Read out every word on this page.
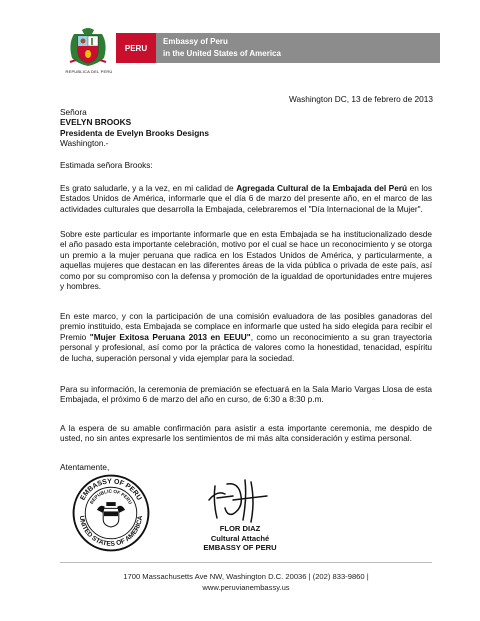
REPUBLICA DEL PERÚ
PERU
Embassy of Peru
in the United States of America
Washington DC, 13 de febrero de 2013
Señora
EVELYN BROOKS
Presidenta de Evelyn Brooks Designs
Washington.-
Estimada señora Brooks:

Es grato saludarle, y a la vez, en mi calidad de Agregada Cultural de la Embajada del Perú en los Estados Unidos de América, informarle que el día 6 de marzo del presente año, en el marco de las actividades culturales que desarrolla la Embajada, celebraremos el "Día Internacional de la Mujer".

Sobre este particular es importante informarle que en esta Embajada se ha institucionalizado desde el año pasado esta importante celebración, motivo por el cual se hace un reconocimiento y se otorga un premio a la mujer peruana que radica en los Estados Unidos de América, y particularmente, a aquellas mujeres que destacan en las diferentes áreas de la vida pública o privada de este país, así como por su compromiso con la defensa y promoción de la igualdad de oportunidades entre mujeres y hombres.

En este marco, y con la participación de una comisión evaluadora de las posibles ganadoras del premio instituido, esta Embajada se complace en informarle que usted ha sido elegida para recibir el Premio "Mujer Exitosa Peruana 2013 en EEUU", como un reconocimiento a su gran trayectoria personal y profesional, así como por la práctica de valores como la honestidad, tenacidad, espíritu de lucha, superación personal y vida ejemplar para la sociedad.

Para su información, la ceremonia de premiación se efectuará en la Sala Mario Vargas Llosa de esta Embajada, el próximo 6 de marzo del año en curso, de 6:30 a 8:30 p.m.

A la espera de su amable confirmación para asistir a esta importante ceremonia, me despido de usted, no sin antes expresarle los sentimientos de mi más alta consideración y estima personal.

Atentamente,
EMBASSY OF PERU
REPUBLIC OF PERU
UNITED STATES OF AMERICA
FLOR DIAZ
Cultural Attaché
EMBASSY OF PERU
1700 Massachusetts Ave NW, Washington D.C. 20036 | (202) 833-9860 |
www.peruvianembassy.us
